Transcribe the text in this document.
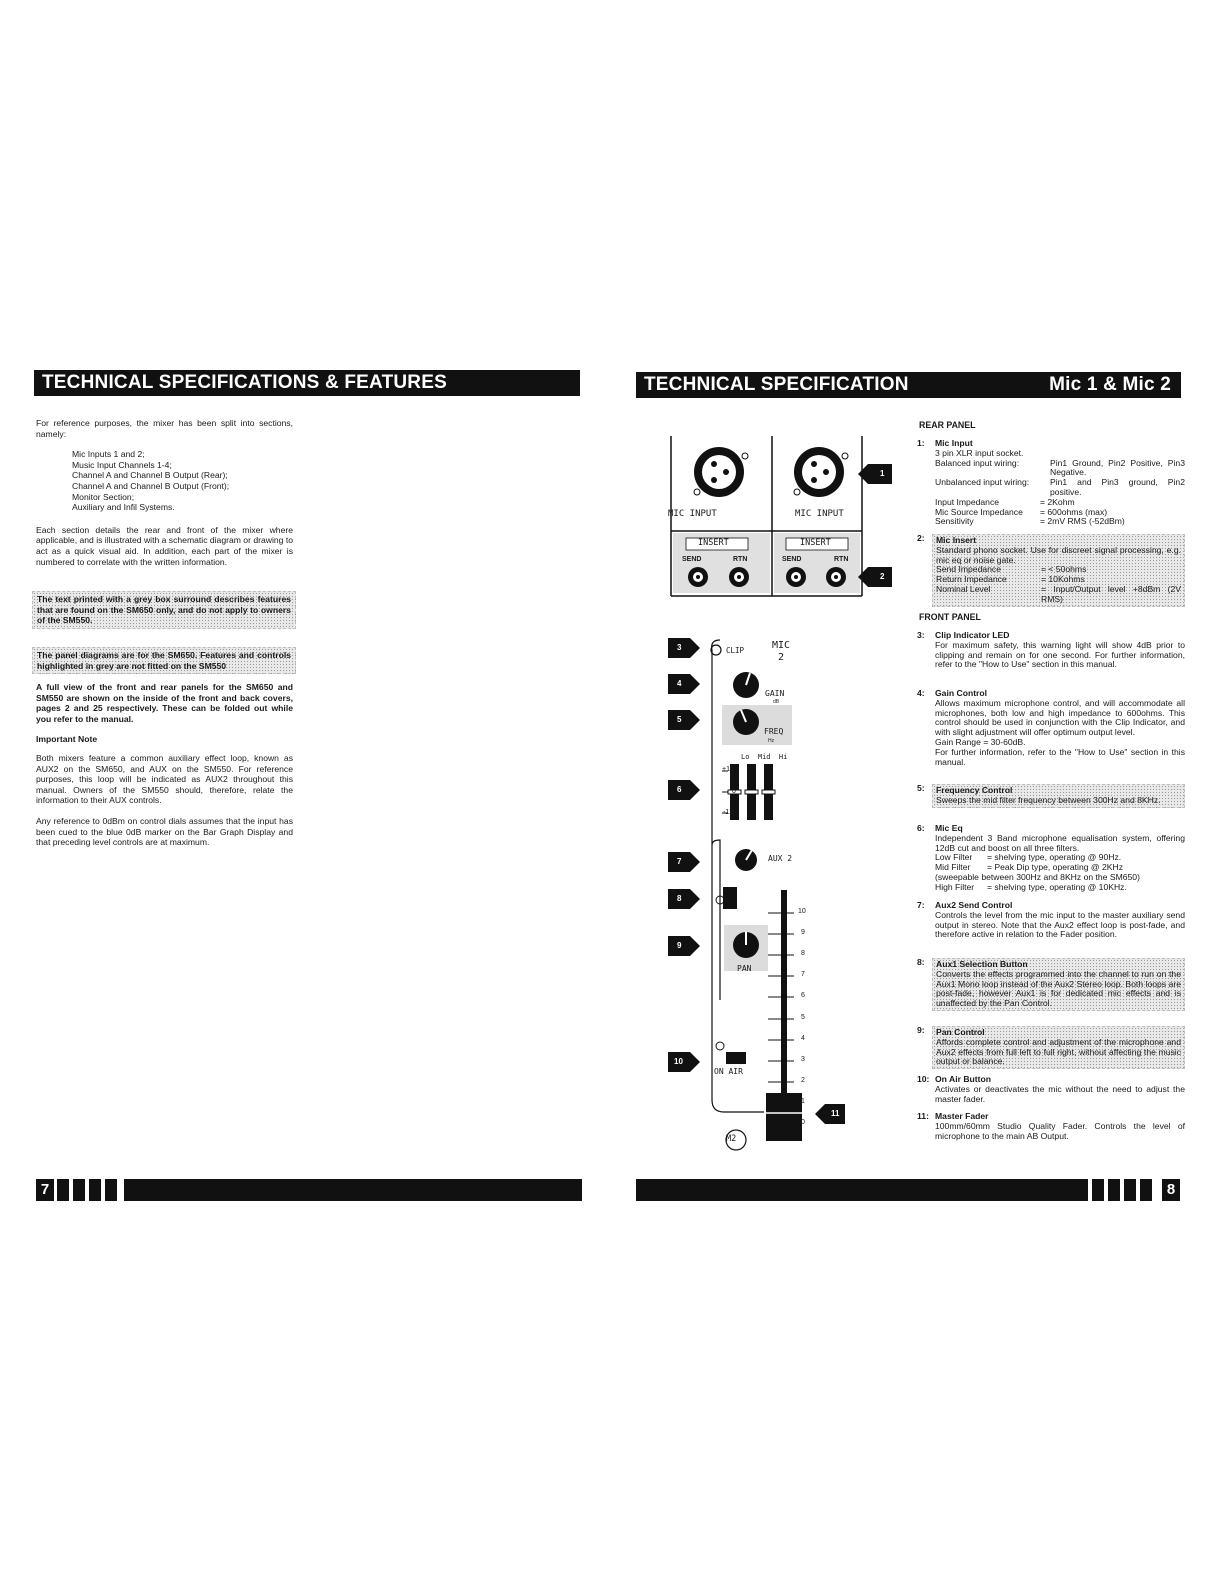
TECHNICAL SPECIFICATIONS & FEATURES

For reference purposes, the mixer has been split into sections, namely:

Mic Inputs 1 and 2;
Music Input Channels 1-4;
Channel A and Channel B Output (Rear);
Channel A and Channel B Output (Front);
Monitor Section;
Auxiliary and Infil Systems.

Each section details the rear and front of the mixer where applicable, and is illustrated with a schematic diagram or drawing to act as a quick visual aid. In addition, each part of the mixer is numbered to correlate with the written information.

The text printed with a grey box surround describes features that are found on the SM650 only, and do not apply to owners of the SM550.
The panel diagrams are for the SM650. Features and controls highlighted in grey are not fitted on the SM550

A full view of the front and rear panels for the SM650 and SM550 are shown on the inside of the front and back covers, pages 2 and 25 respectively. These can be folded out while you refer to the manual.

Important Note

Both mixers feature a common auxiliary effect loop, known as AUX2 on the SM650, and AUX on the SM550. For reference purposes, this loop will be indicated as AUX2 throughout this manual. Owners of the SM550 should, therefore, relate the information to their AUX controls.

Any reference to 0dBm on control dials assumes that the input has been cued to the blue 0dB marker on the Bar Graph Display and that preceding level controls are at maximum.

7
TECHNICAL SPECIFICATION	Mic 1 & Mic 2
MIC INPUT	MIC INPUT
INSERT	INSERT
SEND	RTN	SEND	RTN
CLIP	MIC
2
GAIN
dB
FREQ
Hz
Lo  Mid  Hi
+12
0
-12
AUX 2
PAN
ON AIR
M2
10
9
8
7
6
5
4
3
2
1
0
1
2
3
4
5
6
7
8
9
10
11
REAR PANEL
1: Mic Input
3 pin XLR input socket.
Balanced input wiring:	Pin1 Ground, Pin2 Positive, Pin3 Negative.
Unbalanced input wiring:	Pin1 and Pin3 ground, Pin2 positive.
Input Impedance	= 2Kohm
Mic Source Impedance	= 600ohms (max)
Sensitivity	= 2mV RMS (-52dBm)
2: Mic Insert
Standard phono socket. Use for discreet signal processing, e.g. mic eq or noise gate.
Send Impedance	= < 50ohms
Return Impedance	= 10Kohms
Nominal Level	= Input/Output level +8dBm (2V RMS)
FRONT PANEL
3: Clip Indicator LED
For maximum safety, this warning light will show 4dB prior to clipping and remain on for one second. For further information, refer to the "How to Use" section in this manual.
4: Gain Control
Allows maximum microphone control, and will accommodate all microphones, both low and high impedance to 600ohms. This control should be used in conjunction with the Clip Indicator, and with slight adjustment will offer optimum output level.
Gain Range = 30-60dB.
For further information, refer to the "How to Use" section in this manual.
5: Frequency Control
Sweeps the mid filter frequency between 300Hz and 8KHz.
6: Mic Eq
Independent 3 Band microphone equalisation system, offering 12dB cut and boost on all three filters.
Low Filter	= shelving type, operating @ 90Hz.
Mid Filter	= Peak Dip type, operating @ 2KHz
(sweepable between 300Hz and 8KHz on the SM650)
High Filter	= shelving type, operating @ 10KHz.
7: Aux2 Send Control
Controls the level from the mic input to the master auxiliary send output in stereo. Note that the Aux2 effect loop is post-fade, and therefore active in relation to the Fader position.
8: Aux1 Selection Button
Converts the effects programmed into the channel to run on the Aux1 Mono loop instead of the Aux2 Stereo loop. Both loops are post-fade, however Aux1 is for dedicated mic effects and is unaffected by the Pan Control.
9: Pan Control
Affords complete control and adjustment of the microphone and Aux2 effects from full left to full right, without affecting the music output or balance.
10: On Air Button
Activates or deactivates the mic without the need to adjust the master fader.
11: Master Fader
100mm/60mm Studio Quality Fader. Controls the level of microphone to the main AB Output.
8
